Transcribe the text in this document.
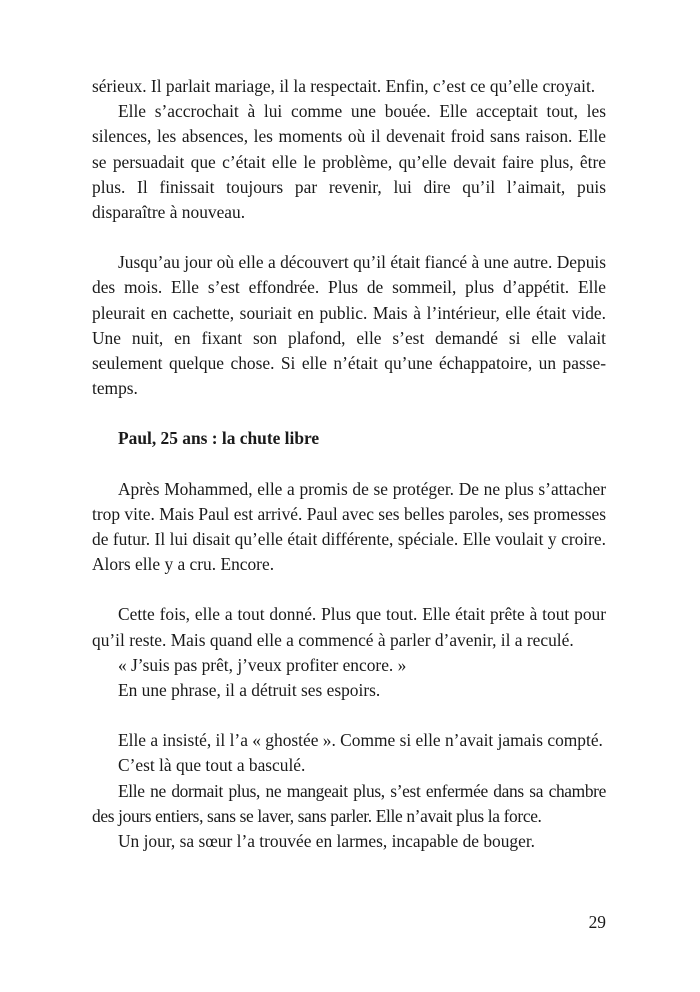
sérieux. Il parlait mariage, il la respectait. Enfin, c’est ce qu’elle croyait.

Elle s’accrochait à lui comme une bouée. Elle acceptait tout, les silences, les absences, les moments où il devenait froid sans raison. Elle se persuadait que c’était elle le problème, qu’elle devait faire plus, être plus. Il finissait toujours par revenir, lui dire qu’il l’aimait, puis disparaître à nouveau.

Jusqu’au jour où elle a découvert qu’il était fiancé à une autre. Depuis des mois. Elle s’est effondrée. Plus de sommeil, plus d’appétit. Elle pleurait en cachette, souriait en public. Mais à l’intérieur, elle était vide. Une nuit, en fixant son plafond, elle s’est demandé si elle valait seulement quelque chose. Si elle n’était qu’une échappatoire, un passe-temps.

Paul, 25 ans : la chute libre

Après Mohammed, elle a promis de se protéger. De ne plus s’attacher trop vite. Mais Paul est arrivé. Paul avec ses belles paroles, ses promesses de futur. Il lui disait qu’elle était différente, spéciale. Elle voulait y croire. Alors elle y a cru. Encore.

Cette fois, elle a tout donné. Plus que tout. Elle était prête à tout pour qu’il reste. Mais quand elle a commencé à parler d’avenir, il a reculé.

« J’suis pas prêt, j’veux profiter encore. »

En une phrase, il a détruit ses espoirs.

Elle a insisté, il l’a « ghostée ». Comme si elle n’avait jamais compté.

C’est là que tout a basculé.

Elle ne dormait plus, ne mangeait plus, s’est enfermée dans sa chambre des jours entiers, sans se laver, sans parler. Elle n’avait plus la force.

Un jour, sa sœur l’a trouvée en larmes, incapable de bouger.

29
